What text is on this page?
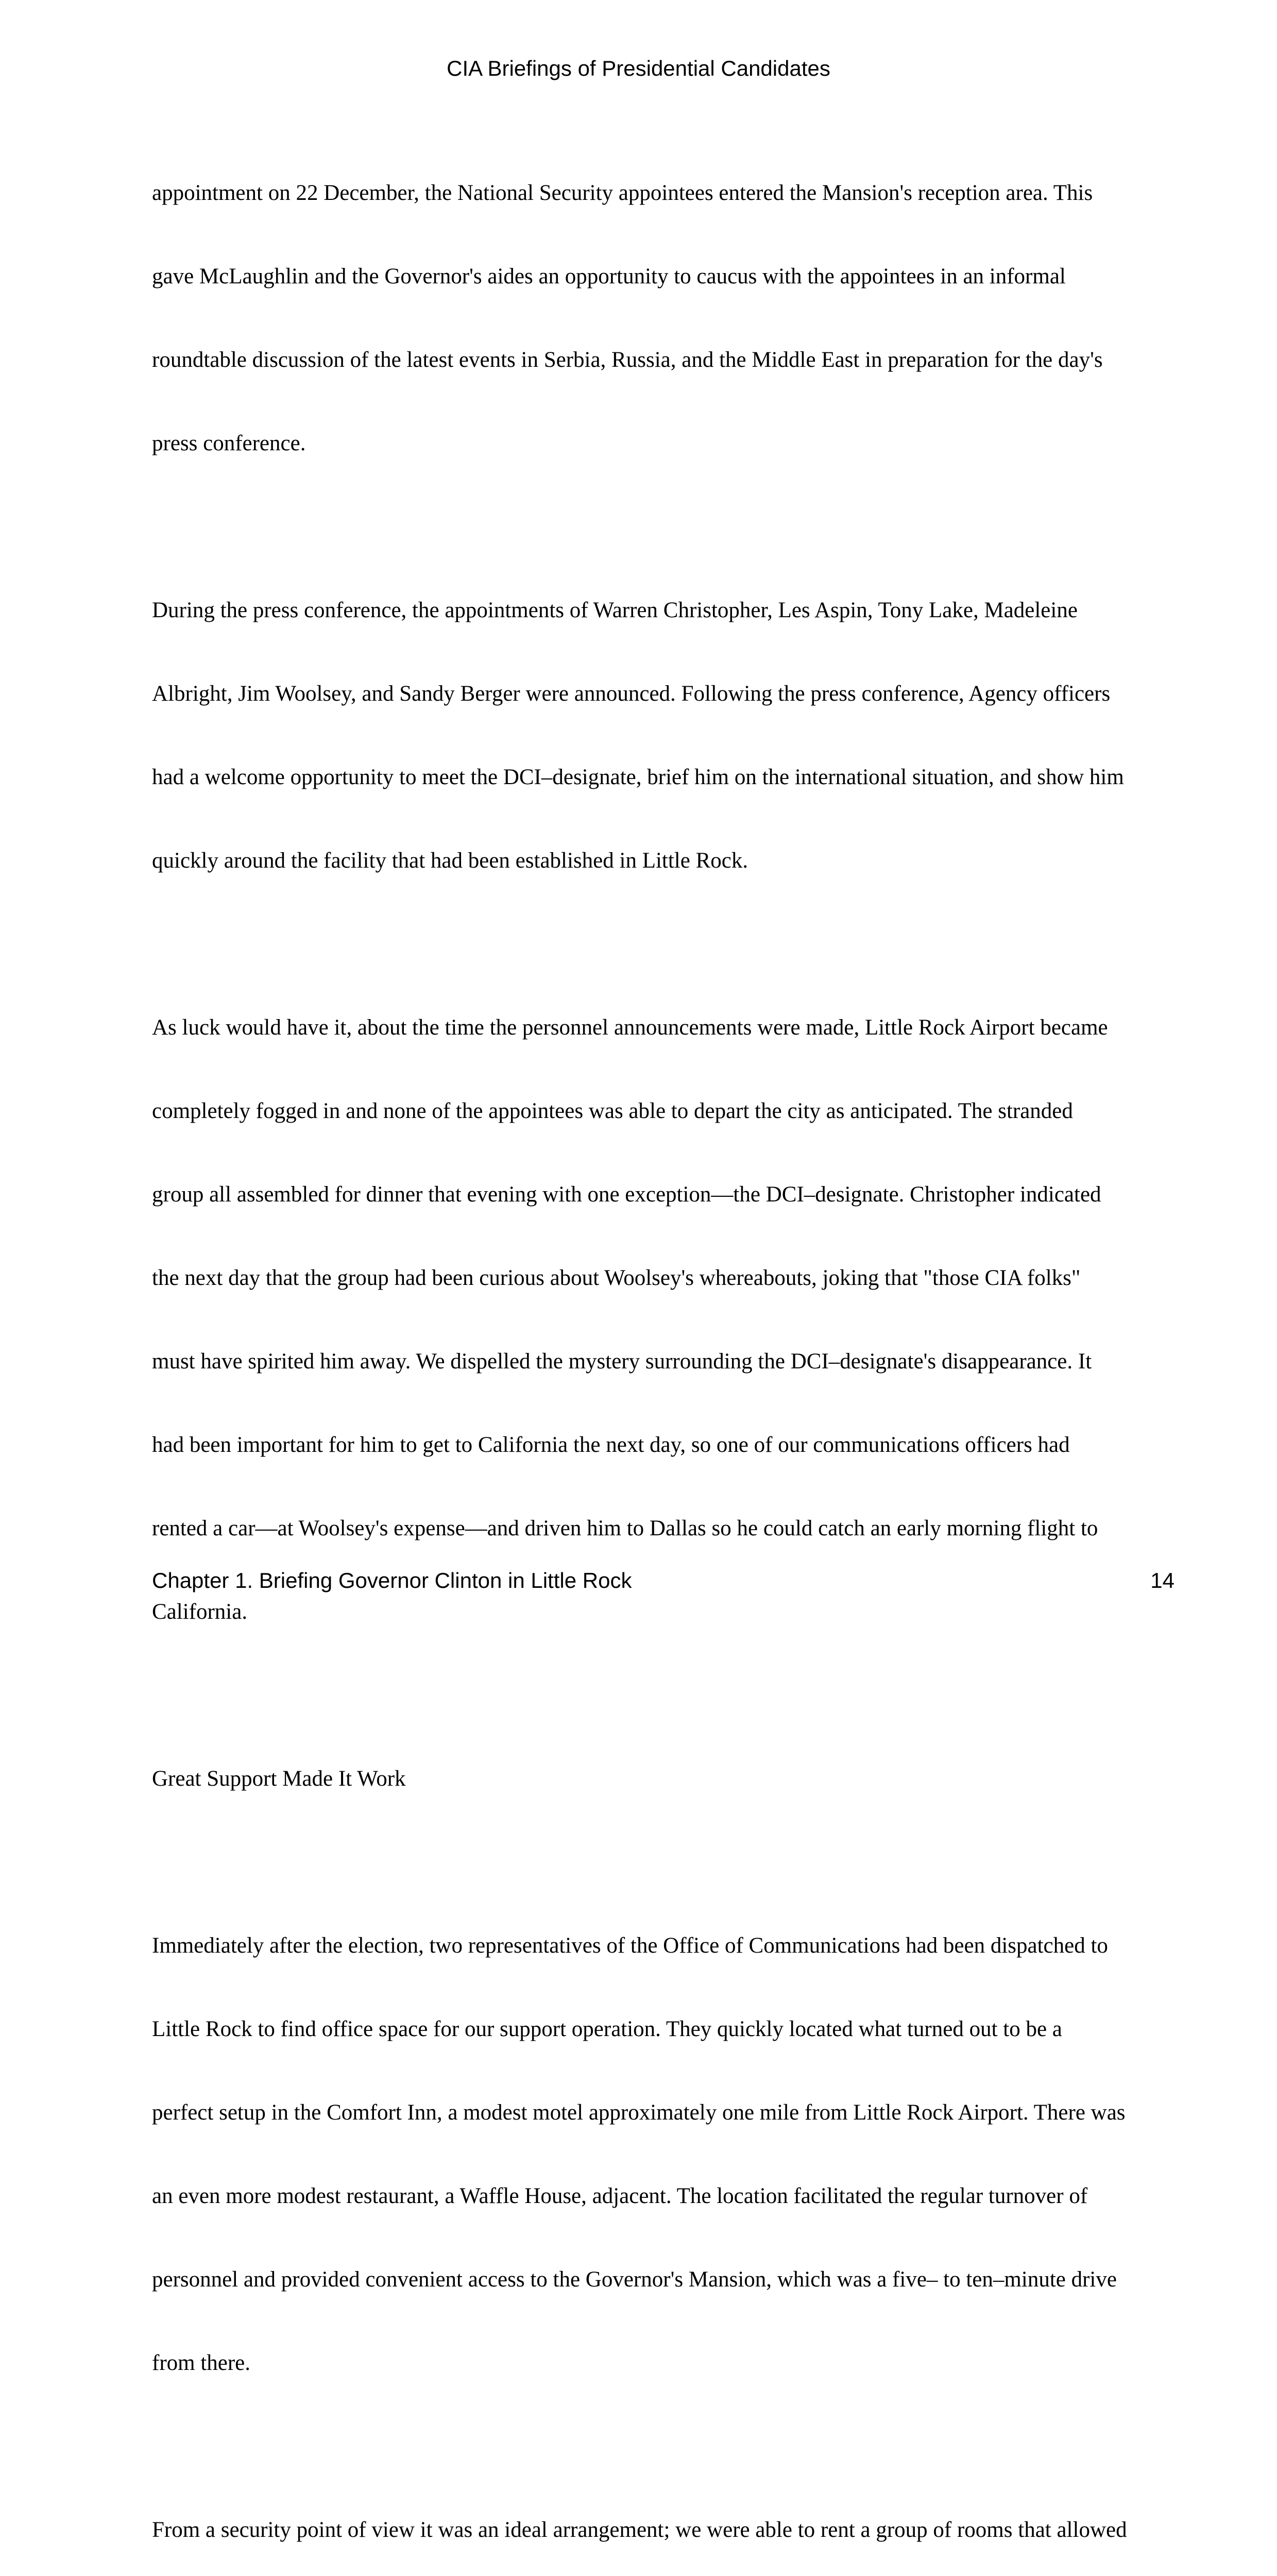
CIA Briefings of Presidential Candidates

appointment on 22 December, the National Security appointees entered the Mansion's reception area. This

gave McLaughlin and the Governor's aides an opportunity to caucus with the appointees in an informal

roundtable discussion of the latest events in Serbia, Russia, and the Middle East in preparation for the day's

press conference.

During the press conference, the appointments of Warren Christopher, Les Aspin, Tony Lake, Madeleine

Albright, Jim Woolsey, and Sandy Berger were announced. Following the press conference, Agency officers

had a welcome opportunity to meet the DCI–designate, brief him on the international situation, and show him

quickly around the facility that had been established in Little Rock.

As luck would have it, about the time the personnel announcements were made, Little Rock Airport became

completely fogged in and none of the appointees was able to depart the city as anticipated. The stranded

group all assembled for dinner that evening with one exception––the DCI–designate. Christopher indicated

the next day that the group had been curious about Woolsey's whereabouts, joking that "those CIA folks"

must have spirited him away. We dispelled the mystery surrounding the DCI–designate's disappearance. It

had been important for him to get to California the next day, so one of our communications officers had

rented a car––at Woolsey's expense––and driven him to Dallas so he could catch an early morning flight to

California.

Great Support Made It Work

Immediately after the election, two representatives of the Office of Communications had been dispatched to

Little Rock to find office space for our support operation. They quickly located what turned out to be a

perfect setup in the Comfort Inn, a modest motel approximately one mile from Little Rock Airport. There was

an even more modest restaurant, a Waffle House, adjacent. The location facilitated the regular turnover of

personnel and provided convenient access to the Governor's Mansion, which was a five– to ten–minute drive

from there.

From a security point of view it was an ideal arrangement; we were able to rent a group of rooms that allowed

Chapter 1. Briefing Governor Clinton in Little Rock	14
